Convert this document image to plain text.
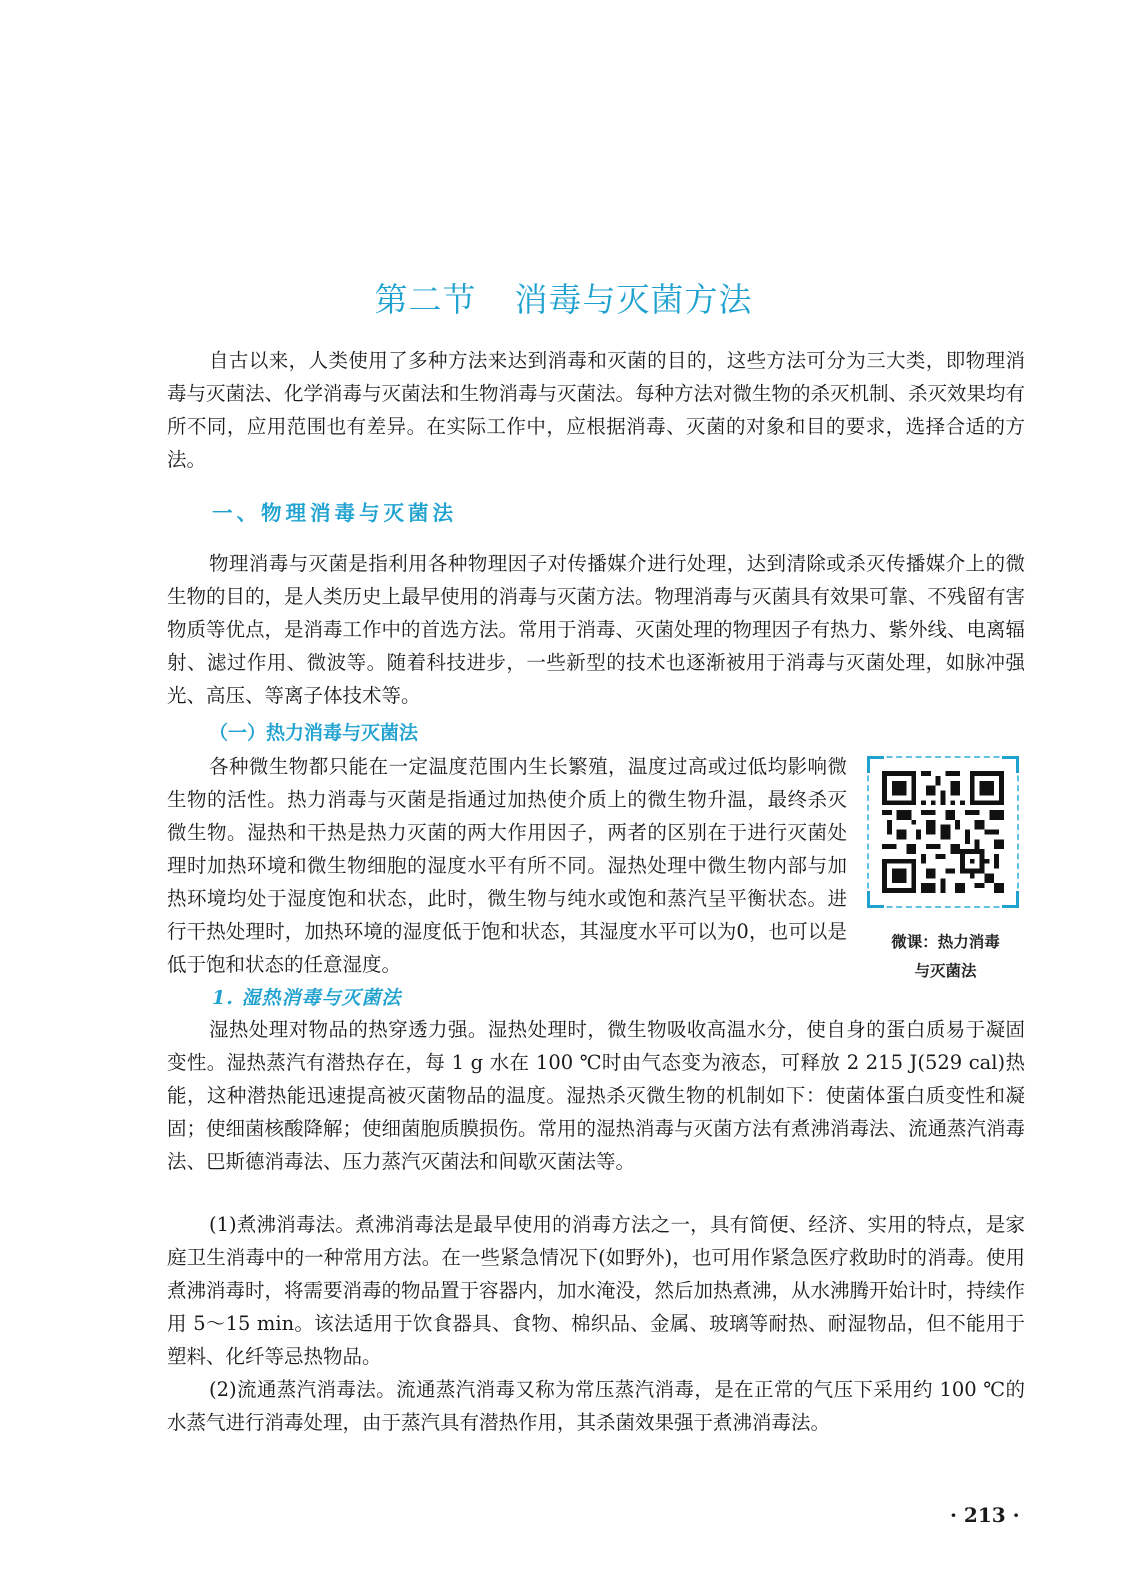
第二节 消毒与灭菌方法

自古以来，人类使用了多种方法来达到消毒和灭菌的目的，这些方法可分为三大类，即物理消毒与灭菌法、化学消毒与灭菌法和生物消毒与灭菌法。每种方法对微生物的杀灭机制、杀灭效果均有所不同，应用范围也有差异。在实际工作中，应根据消毒、灭菌的对象和目的要求，选择合适的方法。

一、物理消毒与灭菌法

物理消毒与灭菌是指利用各种物理因子对传播媒介进行处理，达到清除或杀灭传播媒介上的微生物的目的，是人类历史上最早使用的消毒与灭菌方法。物理消毒与灭菌具有效果可靠、不残留有害物质等优点，是消毒工作中的首选方法。常用于消毒、灭菌处理的物理因子有热力、紫外线、电离辐射、滤过作用、微波等。随着科技进步，一些新型的技术也逐渐被用于消毒与灭菌处理，如脉冲强光、高压、等离子体技术等。

（一）热力消毒与灭菌法

各种微生物都只能在一定温度范围内生长繁殖，温度过高或过低均影响微生物的活性。热力消毒与灭菌是指通过加热使介质上的微生物升温，最终杀灭微生物。湿热和干热是热力灭菌的两大作用因子，两者的区别在于进行灭菌处理时加热环境和微生物细胞的湿度水平有所不同。湿热处理中微生物内部与加热环境均处于湿度饱和状态，此时，微生物与纯水或饱和蒸汽呈平衡状态。进行干热处理时，加热环境的湿度低于饱和状态，其湿度水平可以为0，也可以是低于饱和状态的任意湿度。

微课：热力消毒
与灭菌法
1. 湿热消毒与灭菌法

湿热处理对物品的热穿透力强。湿热处理时，微生物吸收高温水分，使自身的蛋白质易于凝固变性。湿热蒸汽有潜热存在，每 1 g 水在 100 ℃时由气态变为液态，可释放 2 215 J(529 cal)热能，这种潜热能迅速提高被灭菌物品的温度。湿热杀灭微生物的机制如下：使菌体蛋白质变性和凝固；使细菌核酸降解；使细菌胞质膜损伤。常用的湿热消毒与灭菌方法有煮沸消毒法、流通蒸汽消毒法、巴斯德消毒法、压力蒸汽灭菌法和间歇灭菌法等。

(1)煮沸消毒法。煮沸消毒法是最早使用的消毒方法之一，具有简便、经济、实用的特点，是家庭卫生消毒中的一种常用方法。在一些紧急情况下(如野外)，也可用作紧急医疗救助时的消毒。使用煮沸消毒时，将需要消毒的物品置于容器内，加水淹没，然后加热煮沸，从水沸腾开始计时，持续作用 5～15 min。该法适用于饮食器具、食物、棉织品、金属、玻璃等耐热、耐湿物品，但不能用于塑料、化纤等忌热物品。

(2)流通蒸汽消毒法。流通蒸汽消毒又称为常压蒸汽消毒，是在正常的气压下采用约 100 ℃的水蒸气进行消毒处理，由于蒸汽具有潜热作用，其杀菌效果强于煮沸消毒法。

· 213 ·
